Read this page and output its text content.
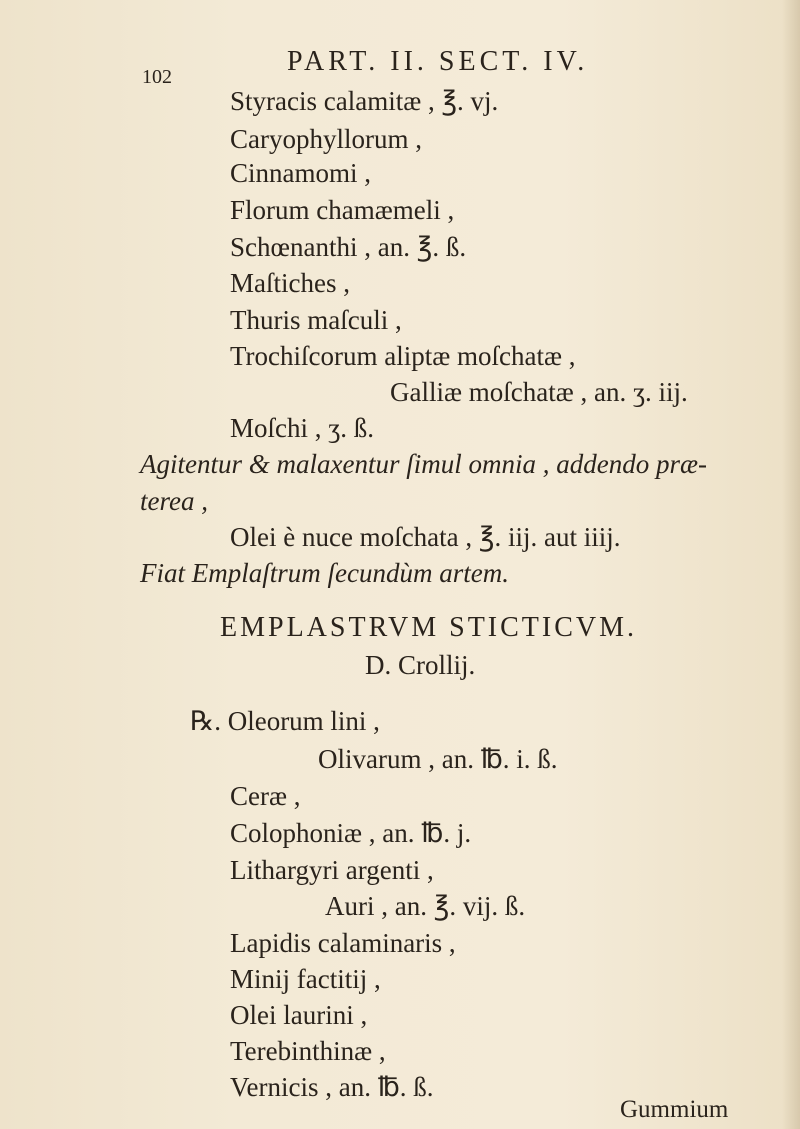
102	PART. II. SECT. IV.
Styracis calamitæ , ℥. vj.
Caryophyllorum ,
Cinnamomi ,
Florum chamæmeli ,
Schœnanthi , an. ℥. ß.
Maſtiches ,
Thuris maſculi ,
Trochiſcorum aliptæ moſchatæ ,
Galliæ moſchatæ , an. ʒ. iij.
Moſchi , ʒ. ß.
Agitentur & malaxentur ſimul omnia , addendo præ-
terea ,
Olei è nuce moſchata , ℥. iij. aut iiij.
Fiat Emplaſtrum ſecundùm artem.
EMPLASTRVM STICTICVM.
D. Crollij.
℞. Oleorum lini ,
Olivarum , an. ℔. i. ß.
Ceræ ,
Colophoniæ , an. ℔. j.
Lithargyri argenti ,
Auri , an. ℥. vij. ß.
Lapidis calaminaris ,
Minij factitij ,
Olei laurini ,
Terebinthinæ ,
Vernicis , an. ℔. ß.
Gummium
